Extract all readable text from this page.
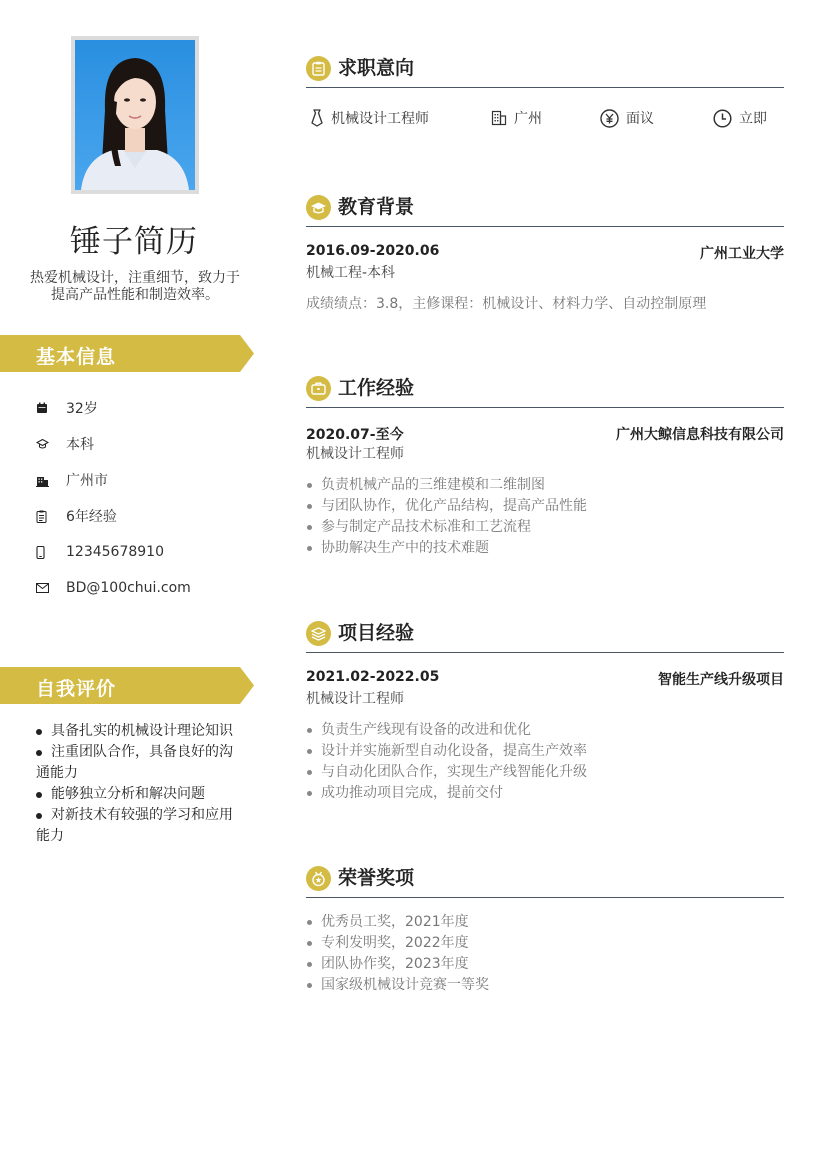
锤子简历
热爱机械设计，注重细节，致力于提高产品性能和制造效率。
基本信息
32岁
本科
广州市
6年经验
12345678910
BD@100chui.com
自我评价
具备扎实的机械设计理论知识
注重团队合作，具备良好的沟通能力
能够独立分析和解决问题
对新技术有较强的学习和应用能力
求职意向
机械设计工程师	广州	面议	立即
教育背景
2016.09-2020.06	广州工业大学
机械工程-本科
成绩绩点：3.8，主修课程：机械设计、材料力学、自动控制原理
工作经验
2020.07-至今	广州大鲸信息科技有限公司
机械设计工程师
负责机械产品的三维建模和二维制图
与团队协作，优化产品结构，提高产品性能
参与制定产品技术标准和工艺流程
协助解决生产中的技术难题
项目经验
2021.02-2022.05	智能生产线升级项目
机械设计工程师
负责生产线现有设备的改进和优化
设计并实施新型自动化设备，提高生产效率
与自动化团队合作，实现生产线智能化升级
成功推动项目完成，提前交付
荣誉奖项
优秀员工奖，2021年度
专利发明奖，2022年度
团队协作奖，2023年度
国家级机械设计竞赛一等奖
